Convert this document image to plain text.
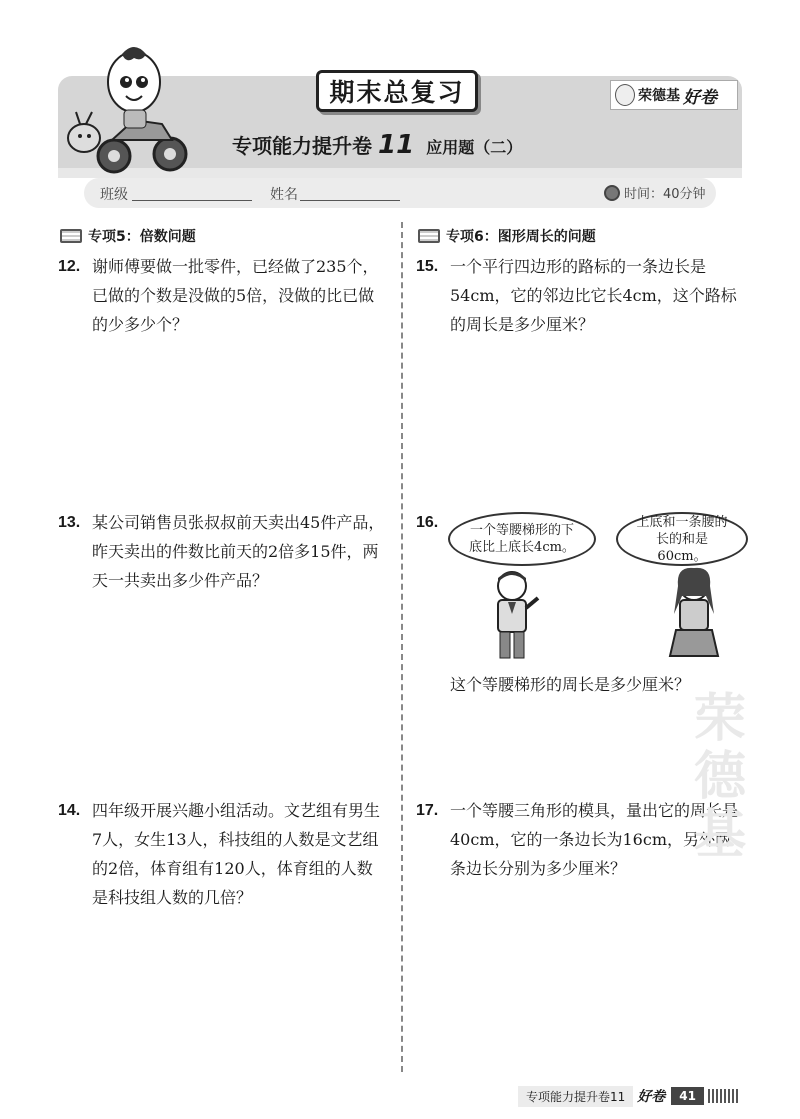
期末总复习	荣德基 好卷
专项能力提升卷 11 应用题（二）
班级	姓名	时间：40分钟
专项5：倍数问题
12. 谢师傅要做一批零件，已经做了235个，已做的个数是没做的5倍，没做的比已做的少多少个？
13. 某公司销售员张叔叔前天卖出45件产品，昨天卖出的件数比前天的2倍多15件，两天一共卖出多少件产品？
14. 四年级开展兴趣小组活动。文艺组有男生7人，女生13人，科技组的人数是文艺组的2倍，体育组有120人，体育组的人数是科技组人数的几倍？
专项6：图形周长的问题
15. 一个平行四边形的路标的一条边长是54cm，它的邻边比它长4cm，这个路标的周长是多少厘米？
16.	一个等腰梯形的下底比上底长4cm。
上底和一条腰的长的和是60cm。
这个等腰梯形的周长是多少厘米？
17. 一个等腰三角形的模具，量出它的周长是40cm，它的一条边长为16cm，另外两条边长分别为多少厘米？
荣
德
基
专项能力提升卷11 好卷	41
